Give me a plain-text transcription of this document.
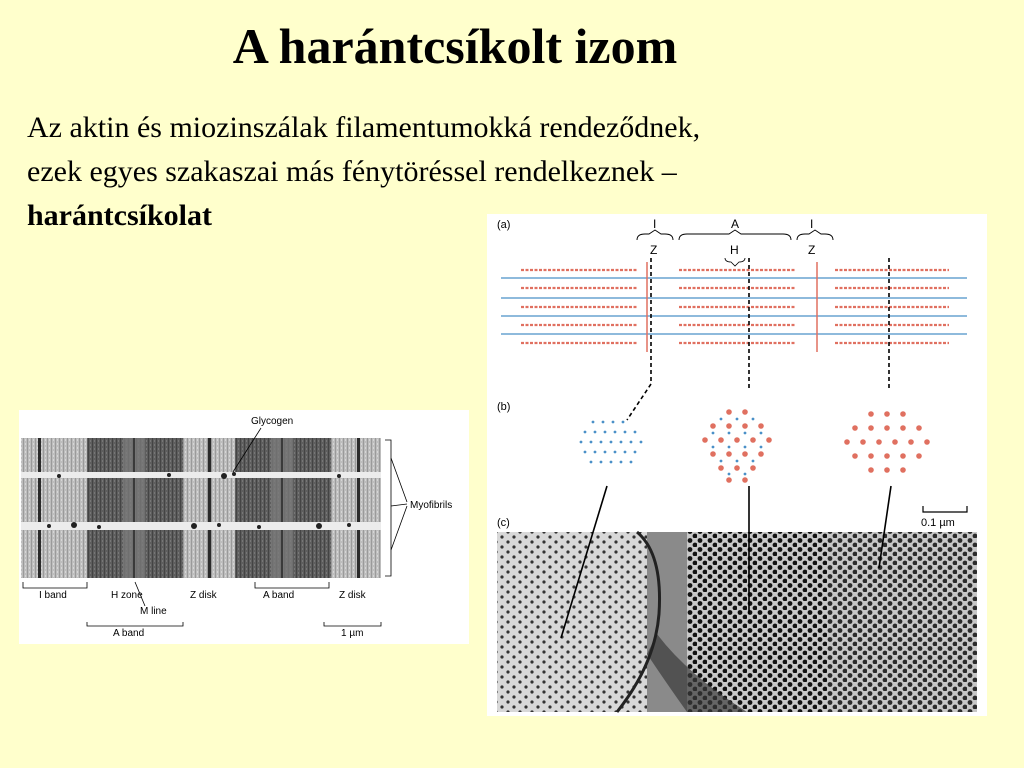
A harántcsíkolt izom

Az aktin és miozinszálak filamentumokká rendeződnek,
ezek egyes szakaszai más fénytöréssel rendelkeznek –
harántcsíkolat

Glycogen
Myofibrils
I band	H zone	Z disk	A band	Z disk
M line
A band	1 µm
(a)	I	A	I
Z	H	Z
(b)
0.1 µm
(c)
